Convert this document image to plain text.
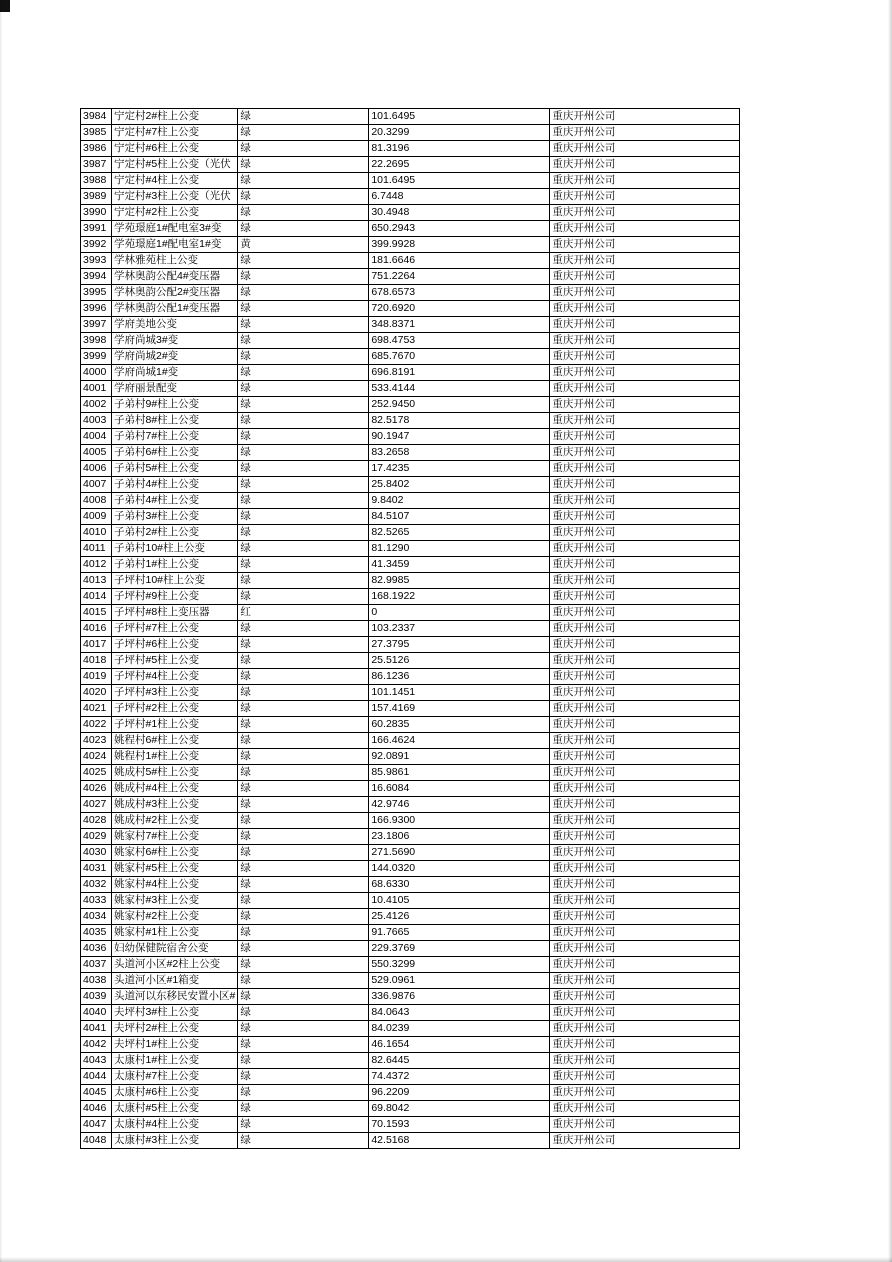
3984	宁定村2#柱上公变	绿	101.6495	重庆开州公司
3985	宁定村#7柱上公变	绿	20.3299	重庆开州公司
3986	宁定村#6柱上公变	绿	81.3196	重庆开州公司
3987	宁定村#5柱上公变（光伏	绿	22.2695	重庆开州公司
3988	宁定村#4柱上公变	绿	101.6495	重庆开州公司
3989	宁定村#3柱上公变（光伏	绿	6.7448	重庆开州公司
3990	宁定村#2柱上公变	绿	30.4948	重庆开州公司
3991	学苑璟庭1#配电室3#变	绿	650.2943	重庆开州公司
3992	学苑璟庭1#配电室1#变	黄	399.9928	重庆开州公司
3993	学林雅苑柱上公变	绿	181.6646	重庆开州公司
3994	学林奥韵公配4#变压器	绿	751.2264	重庆开州公司
3995	学林奥韵公配2#变压器	绿	678.6573	重庆开州公司
3996	学林奥韵公配1#变压器	绿	720.6920	重庆开州公司
3997	学府美地公变	绿	348.8371	重庆开州公司
3998	学府尚城3#变	绿	698.4753	重庆开州公司
3999	学府尚城2#变	绿	685.7670	重庆开州公司
4000	学府尚城1#变	绿	696.8191	重庆开州公司
4001	学府丽景配变	绿	533.4144	重庆开州公司
4002	子弟村9#柱上公变	绿	252.9450	重庆开州公司
4003	子弟村8#柱上公变	绿	82.5178	重庆开州公司
4004	子弟村7#柱上公变	绿	90.1947	重庆开州公司
4005	子弟村6#柱上公变	绿	83.2658	重庆开州公司
4006	子弟村5#柱上公变	绿	17.4235	重庆开州公司
4007	子弟村4#柱上公变	绿	25.8402	重庆开州公司
4008	子弟村4#柱上公变	绿	9.8402	重庆开州公司
4009	子弟村3#柱上公变	绿	84.5107	重庆开州公司
4010	子弟村2#柱上公变	绿	82.5265	重庆开州公司
4011	子弟村10#柱上公变	绿	81.1290	重庆开州公司
4012	子弟村1#柱上公变	绿	41.3459	重庆开州公司
4013	子坪村10#柱上公变	绿	82.9985	重庆开州公司
4014	子坪村#9柱上公变	绿	168.1922	重庆开州公司
4015	子坪村#8柱上变压器	红	0	重庆开州公司
4016	子坪村#7柱上公变	绿	103.2337	重庆开州公司
4017	子坪村#6柱上公变	绿	27.3795	重庆开州公司
4018	子坪村#5柱上公变	绿	25.5126	重庆开州公司
4019	子坪村#4柱上公变	绿	86.1236	重庆开州公司
4020	子坪村#3柱上公变	绿	101.1451	重庆开州公司
4021	子坪村#2柱上公变	绿	157.4169	重庆开州公司
4022	子坪村#1柱上公变	绿	60.2835	重庆开州公司
4023	姚程村6#柱上公变	绿	166.4624	重庆开州公司
4024	姚程村1#柱上公变	绿	92.0891	重庆开州公司
4025	姚成村5#柱上公变	绿	85.9861	重庆开州公司
4026	姚成村#4柱上公变	绿	16.6084	重庆开州公司
4027	姚成村#3柱上公变	绿	42.9746	重庆开州公司
4028	姚成村#2柱上公变	绿	166.9300	重庆开州公司
4029	姚家村7#柱上公变	绿	23.1806	重庆开州公司
4030	姚家村6#柱上公变	绿	271.5690	重庆开州公司
4031	姚家村#5柱上公变	绿	144.0320	重庆开州公司
4032	姚家村#4柱上公变	绿	68.6330	重庆开州公司
4033	姚家村#3柱上公变	绿	10.4105	重庆开州公司
4034	姚家村#2柱上公变	绿	25.4126	重庆开州公司
4035	姚家村#1柱上公变	绿	91.7665	重庆开州公司
4036	妇幼保健院宿舍公变	绿	229.3769	重庆开州公司
4037	头道河小区#2柱上公变	绿	550.3299	重庆开州公司
4038	头道河小区#1箱变	绿	529.0961	重庆开州公司
4039	头道河以东移民安置小区#	绿	336.9876	重庆开州公司
4040	夫坪村3#柱上公变	绿	84.0643	重庆开州公司
4041	夫坪村2#柱上公变	绿	84.0239	重庆开州公司
4042	夫坪村1#柱上公变	绿	46.1654	重庆开州公司
4043	太康村1#柱上公变	绿	82.6445	重庆开州公司
4044	太康村#7柱上公变	绿	74.4372	重庆开州公司
4045	太康村#6柱上公变	绿	96.2209	重庆开州公司
4046	太康村#5柱上公变	绿	69.8042	重庆开州公司
4047	太康村#4柱上公变	绿	70.1593	重庆开州公司
4048	太康村#3柱上公变	绿	42.5168	重庆开州公司
